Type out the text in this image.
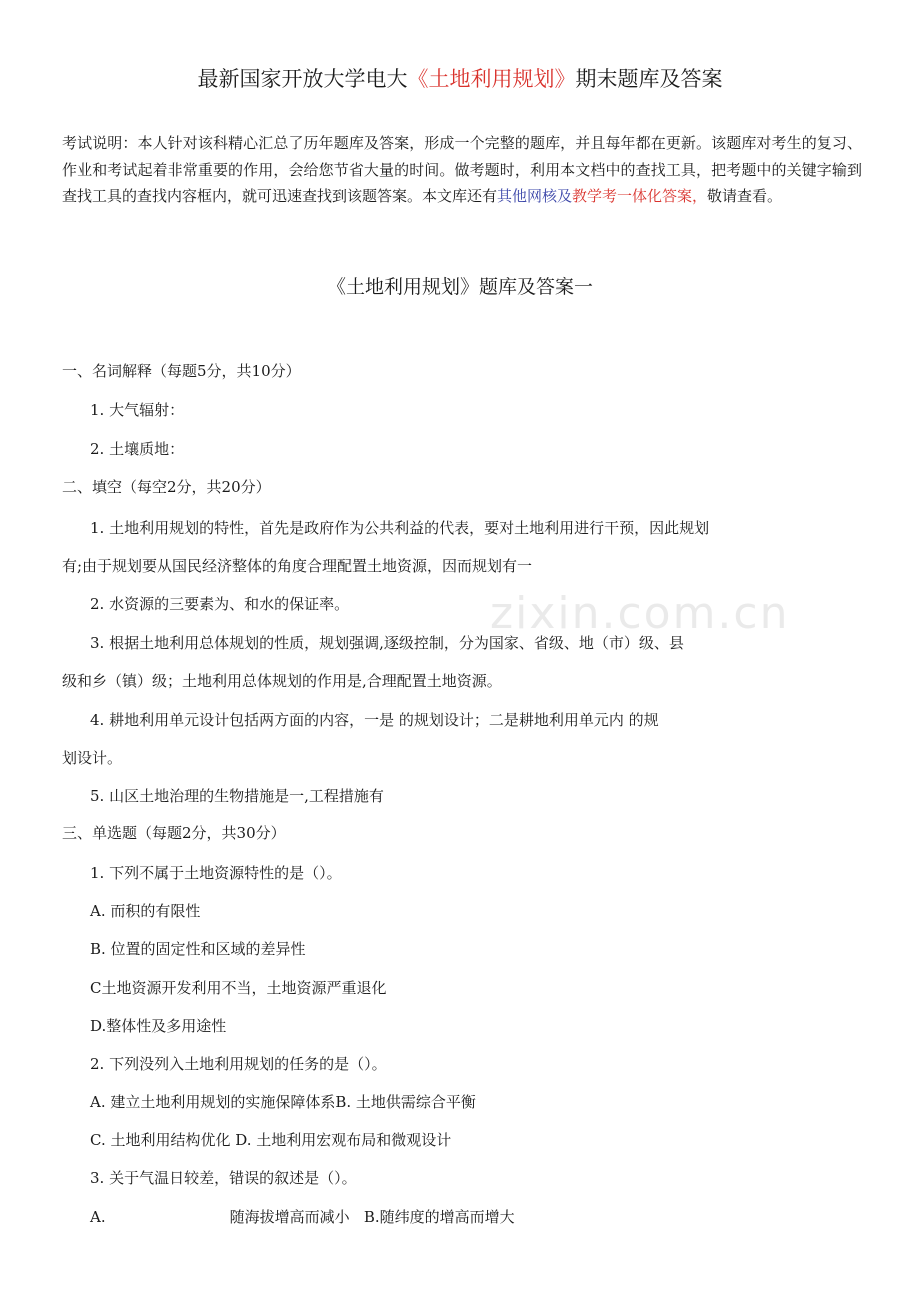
最新国家开放大学电大《土地利用规划》期末题库及答案
考试说明：本人针对该科精心汇总了历年题库及答案，形成一个完整的题库，并且每年都在更新。该题库对考生的复习、作业和考试起着非常重要的作用，会给您节省大量的时间。做考题时，利用本文档中的查找工具，把考题中的关键字输到查找工具的查找内容框内，就可迅速查找到该题答案。本文库还有其他网核及教学考一体化答案，敬请查看。
《土地利用规划》题库及答案一
zixin.com.cn
一、名词解释（每题5分，共10分）
1. 大气辐射：
2. 土壤质地：
二、填空（每空2分，共20分）
1. 土地利用规划的特性，首先是政府作为公共利益的代表，要对土地利用进行干预，因此规划
有;由于规划要从国民经济整体的角度合理配置土地资源，因而规划有一
2. 水资源的三要素为、和水的保证率。
3. 根据土地利用总体规划的性质，规划强调,逐级控制，分为国家、省级、地（市）级、县
级和乡（镇）级；土地利用总体规划的作用是,合理配置土地资源。
4. 耕地利用单元设计包括两方面的内容，一是 的规划设计；二是耕地利用单元内 的规
划设计。
5. 山区土地治理的生物措施是一,工程措施有
三、单选题（每题2分，共30分）
1. 下列不属于土地资源特性的是（）。
A. 而积的有限性
B. 位置的固定性和区域的差异性
C土地资源开发利用不当，土地资源严重退化
D.整体性及多用途性
2. 下列没列入土地利用规划的任务的是（）。
A. 建立土地利用规划的实施保障体系B. 土地供需综合平衡
C. 土地利用结构优化 D. 土地利用宏观布局和微观设计
3. 关于气温日较差，错误的叙述是（）。
A.                          随海拔增高而减小   B.随纬度的增高而增大
